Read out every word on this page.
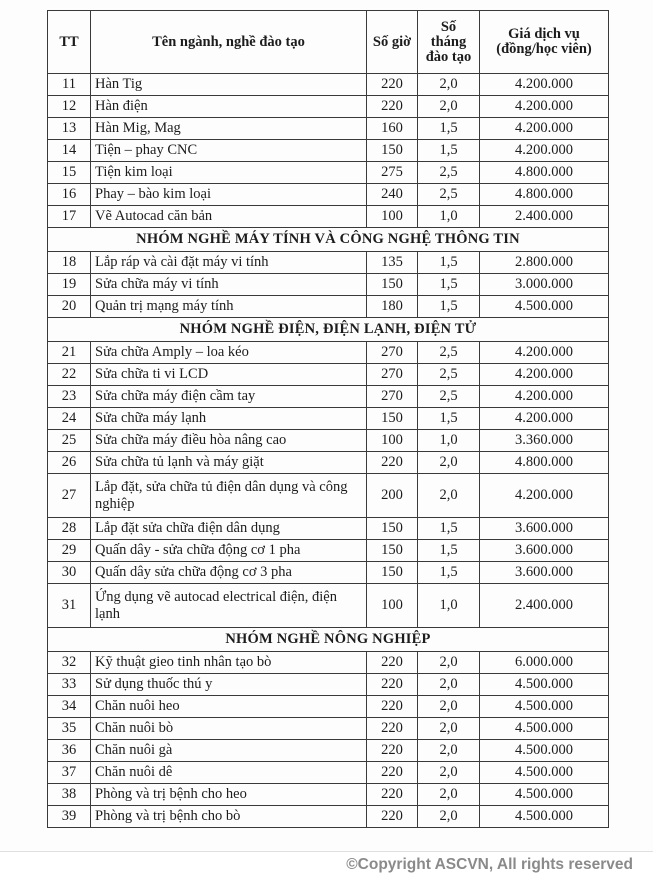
TT	Tên ngành, nghề đào tạo	Số giờ	Số tháng đào tạo	Giá dịch vụ (đồng/học viên)
11	Hàn Tig	220	2,0	4.200.000
12	Hàn điện	220	2,0	4.200.000
13	Hàn Mig, Mag	160	1,5	4.200.000
14	Tiện – phay CNC	150	1,5	4.200.000
15	Tiện kim loại	275	2,5	4.800.000
16	Phay – bào kim loại	240	2,5	4.800.000
17	Vẽ Autocad căn bản	100	1,0	2.400.000
NHÓM NGHỀ MÁY TÍNH VÀ CÔNG NGHỆ THÔNG TIN				
18	Lắp ráp và cài đặt máy vi tính	135	1,5	2.800.000
19	Sửa chữa máy vi tính	150	1,5	3.000.000
20	Quản trị mạng máy tính	180	1,5	4.500.000
NHÓM NGHỀ ĐIỆN, ĐIỆN LẠNH, ĐIỆN TỬ				
21	Sửa chữa Amply – loa kéo	270	2,5	4.200.000
22	Sửa chữa ti vi LCD	270	2,5	4.200.000
23	Sửa chữa máy điện cầm tay	270	2,5	4.200.000
24	Sửa chữa máy lạnh	150	1,5	4.200.000
25	Sửa chữa máy điều hòa nâng cao	100	1,0	3.360.000
26	Sửa chữa tủ lạnh và máy giặt	220	2,0	4.800.000
27	Lắp đặt, sửa chữa tủ điện dân dụng và công nghiệp	200	2,0	4.200.000
28	Lắp đặt sửa chữa điện dân dụng	150	1,5	3.600.000
29	Quấn dây - sửa chữa động cơ 1 pha	150	1,5	3.600.000
30	Quấn dây sửa chữa động cơ 3 pha	150	1,5	3.600.000
31	Ứng dụng vẽ autocad electrical điện, điện lạnh	100	1,0	2.400.000
NHÓM NGHỀ NÔNG NGHIỆP				
32	Kỹ thuật gieo tinh nhân tạo bò	220	2,0	6.000.000
33	Sử dụng thuốc thú y	220	2,0	4.500.000
34	Chăn nuôi heo	220	2,0	4.500.000
35	Chăn nuôi bò	220	2,0	4.500.000
36	Chăn nuôi gà	220	2,0	4.500.000
37	Chăn nuôi dê	220	2,0	4.500.000
38	Phòng và trị bệnh cho heo	220	2,0	4.500.000
39	Phòng và trị bệnh cho bò	220	2,0	4.500.000
©Copyright ASCVN, All rights reserved
